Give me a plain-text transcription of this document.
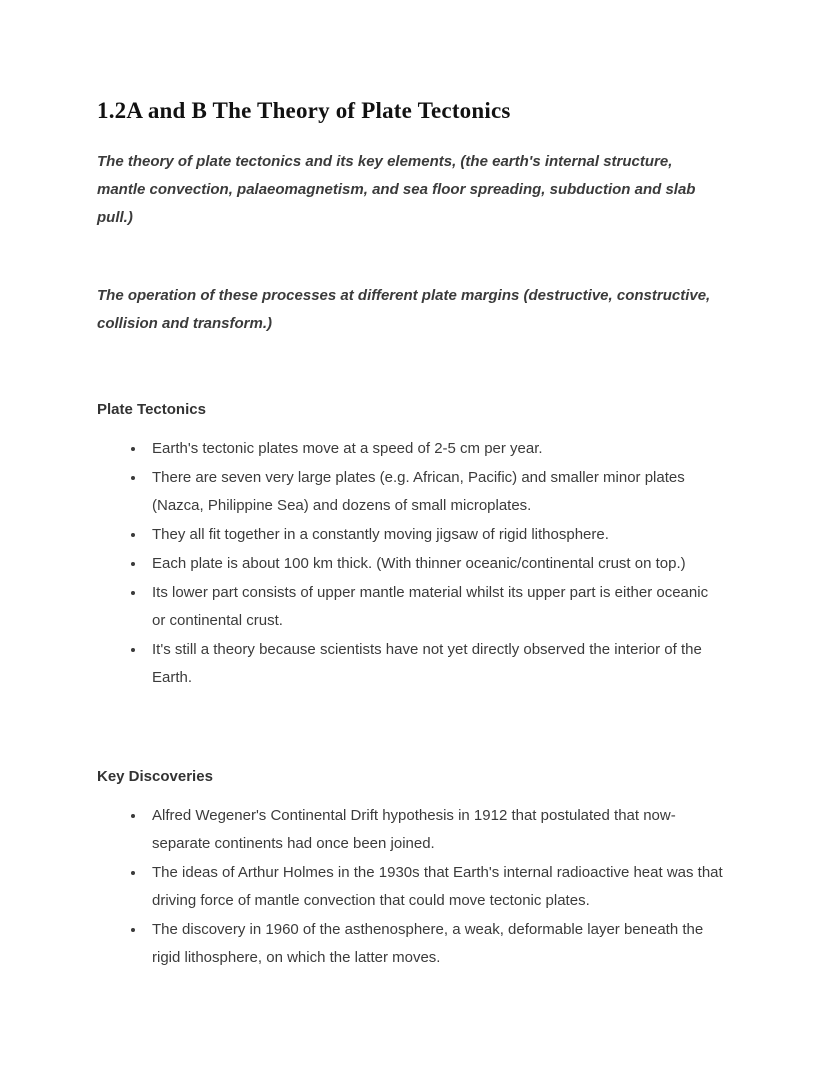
1.2A and B The Theory of Plate Tectonics

The theory of plate tectonics and its key elements, (the earth's internal structure, mantle convection, palaeomagnetism, and sea floor spreading, subduction and slab pull.)

The operation of these processes at different plate margins (destructive, constructive, collision and transform.)

Plate Tectonics
• Earth's tectonic plates move at a speed of 2-5 cm per year.
• There are seven very large plates (e.g. African, Pacific) and smaller minor plates (Nazca, Philippine Sea) and dozens of small microplates.
• They all fit together in a constantly moving jigsaw of rigid lithosphere.
• Each plate is about 100 km thick. (With thinner oceanic/continental crust on top.)
• Its lower part consists of upper mantle material whilst its upper part is either oceanic or continental crust.
• It's still a theory because scientists have not yet directly observed the interior of the Earth.
Key Discoveries
• Alfred Wegener's Continental Drift hypothesis in 1912 that postulated that now-separate continents had once been joined.
• The ideas of Arthur Holmes in the 1930s that Earth's internal radioactive heat was that driving force of mantle convection that could move tectonic plates.
• The discovery in 1960 of the asthenosphere, a weak, deformable layer beneath the rigid lithosphere, on which the latter moves.
